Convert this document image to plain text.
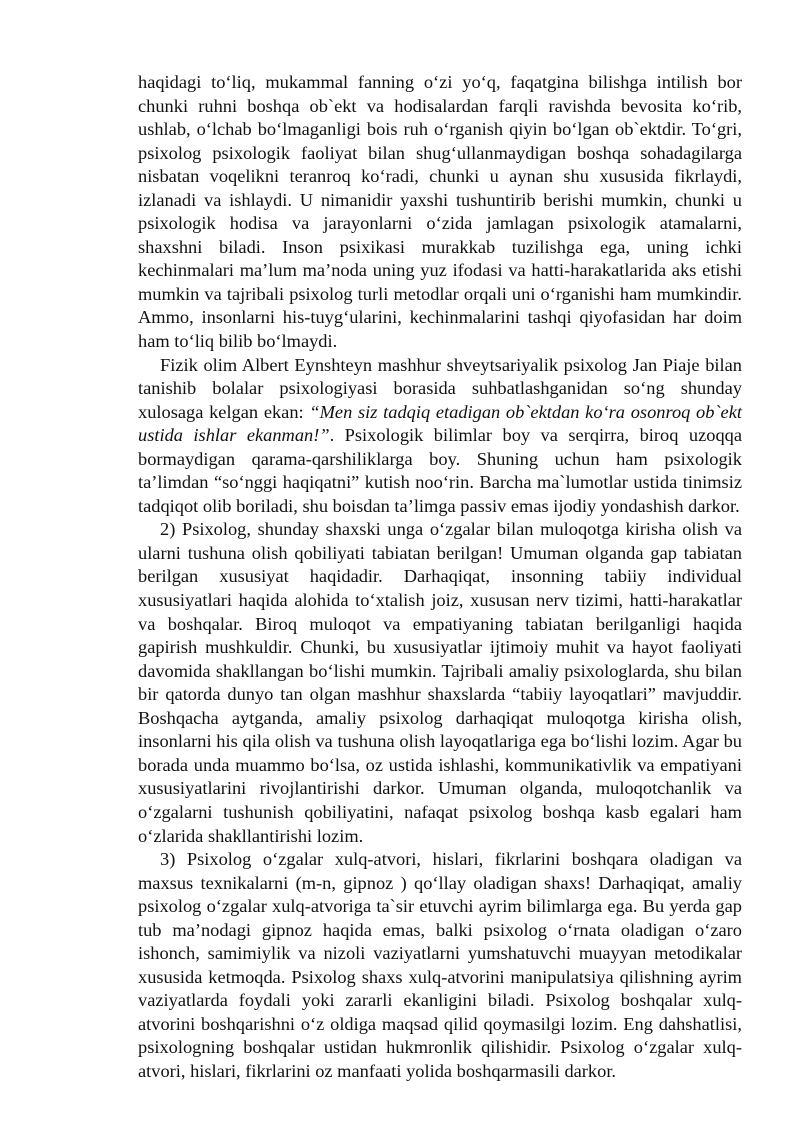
haqidagi to‘liq, mukammal fanning o‘zi yo‘q, faqatgina bilishga intilish bor chunki ruhni boshqa ob`ekt va hodisalardan farqli ravishda bevosita ko‘rib, ushlab, o‘lchab bo‘lmaganligi bois ruh o‘rganish qiyin bo‘lgan ob`ektdir. To‘gri, psixolog psixologik faoliyat bilan shug‘ullanmaydigan boshqa sohadagilarga nisbatan voqelikni teranroq ko‘radi, chunki u aynan shu xususida fikrlaydi, izlanadi va ishlaydi. U nimanidir yaxshi tushuntirib berishi mumkin, chunki u psixologik hodisa va jarayonlarni o‘zida jamlagan psixologik atamalarni, shaxshni biladi. Inson psixikasi murakkab tuzilishga ega, uning ichki kechinmalari ma’lum ma’noda uning yuz ifodasi va hatti-harakatlarida aks etishi mumkin va tajribali psixolog turli metodlar orqali uni o‘rganishi ham mumkindir. Ammo, insonlarni his-tuyg‘ularini, kechinmalarini tashqi qiyofasidan har doim ham to‘liq bilib bo‘lmaydi.

Fizik olim Albert Eynshteyn mashhur shveytsariyalik psixolog Jan Piaje bilan tanishib bolalar psixologiyasi borasida suhbatlashganidan so‘ng shunday xulosaga kelgan ekan: “Men siz tadqiq etadigan ob`ektdan ko‘ra osonroq ob`ekt ustida ishlar ekanman!”. Psixologik bilimlar boy va serqirra, biroq uzoqqa bormaydigan qarama-qarshiliklarga boy. Shuning uchun ham psixologik ta’limdan “so‘nggi haqiqatni” kutish noo‘rin. Barcha ma`lumotlar ustida tinimsiz tadqiqot olib boriladi, shu boisdan ta’limga passiv emas ijodiy yondashish darkor.

2) Psixolog, shunday shaxski unga o‘zgalar bilan muloqotga kirisha olish va ularni tushuna olish qobiliyati tabiatan berilgan! Umuman olganda gap tabiatan berilgan xususiyat haqidadir. Darhaqiqat, insonning tabiiy individual xususiyatlari haqida alohida to‘xtalish joiz, xususan nerv tizimi, hatti-harakatlar va boshqalar. Biroq muloqot va empatiyaning tabiatan berilganligi haqida gapirish mushkuldir. Chunki, bu xususiyatlar ijtimoiy muhit va hayot faoliyati davomida shakllangan bo‘lishi mumkin. Tajribali amaliy psixologlarda, shu bilan bir qatorda dunyo tan olgan mashhur shaxslarda “tabiiy layoqatlari” mavjuddir. Boshqacha aytganda, amaliy psixolog darhaqiqat muloqotga kirisha olish, insonlarni his qila olish va tushuna olish layoqatlariga ega bo‘lishi lozim. Agar bu borada unda muammo bo‘lsa, oz ustida ishlashi, kommunikativlik va empatiyani xususiyatlarini rivojlantirishi darkor. Umuman olganda, muloqotchanlik va o‘zgalarni tushunish qobiliyatini, nafaqat psixolog boshqa kasb egalari ham o‘zlarida shakllantirishi lozim.

3) Psixolog o‘zgalar xulq-atvori, hislari, fikrlarini boshqara oladigan va maxsus texnikalarni (m-n, gipnoz ) qo‘llay oladigan shaxs! Darhaqiqat, amaliy psixolog o‘zgalar xulq-atvoriga ta`sir etuvchi ayrim bilimlarga ega. Bu yerda gap tub ma’nodagi gipnoz haqida emas, balki psixolog o‘rnata oladigan o‘zaro ishonch, samimiylik va nizoli vaziyatlarni yumshatuvchi muayyan metodikalar xususida ketmoqda. Psixolog shaxs xulq-atvorini manipulatsiya qilishning ayrim vaziyatlarda foydali yoki zararli ekanligini biladi. Psixolog boshqalar xulq-atvorini boshqarishni o‘z oldiga maqsad qilid qoymasilgi lozim. Eng dahshatlisi, psixologning boshqalar ustidan hukmronlik qilishidir. Psixolog o‘zgalar xulq-atvori, hislari, fikrlarini oz manfaati yolida boshqarmasili darkor.
